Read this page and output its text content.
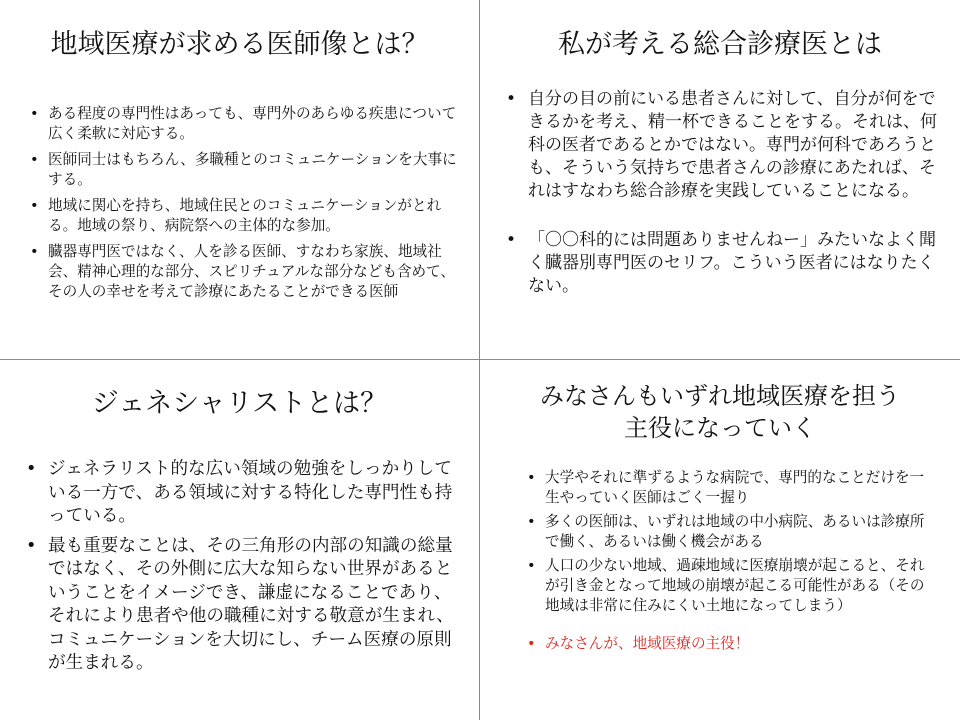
地域医療が求める医師像とは？
• ある程度の専門性はあっても、専門外のあらゆる疾患について広く柔軟に対応する。
• 医師同士はもちろん、多職種とのコミュニケーションを大事にする。
• 地域に関心を持ち、地域住民とのコミュニケーションがとれる。地域の祭り、病院祭への主体的な参加。
• 臓器専門医ではなく、人を診る医師、すなわち家族、地域社会、精神心理的な部分、スピリチュアルな部分なども含めて、その人の幸せを考えて診療にあたることができる医師
私が考える総合診療医とは
• 自分の目の前にいる患者さんに対して、自分が何をできるかを考え、精一杯できることをする。それは、何科の医者であるとかではない。専門が何科であろうとも、そういう気持ちで患者さんの診療にあたれば、それはすなわち総合診療を実践していることになる。
• 「〇〇科的には問題ありませんねー」みたいなよく聞く臓器別専門医のセリフ。こういう医者にはなりたくない。
ジェネシャリストとは？
• ジェネラリスト的な広い領域の勉強をしっかりしている一方で、ある領域に対する特化した専門性も持っている。
• 最も重要なことは、その三角形の内部の知識の総量ではなく、その外側に広大な知らない世界があるということをイメージでき、謙虚になることであり、それにより患者や他の職種に対する敬意が生まれ、コミュニケーションを大切にし、チーム医療の原則が生まれる。
みなさんもいずれ地域医療を担う
主役になっていく
• 大学やそれに準ずるような病院で、専門的なことだけを一生やっていく医師はごく一握り
• 多くの医師は、いずれは地域の中小病院、あるいは診療所で働く、あるいは働く機会がある
• 人口の少ない地域、過疎地域に医療崩壊が起こると、それが引き金となって地域の崩壊が起こる可能性がある（その地域は非常に住みにくい土地になってしまう）
• みなさんが、地域医療の主役！
